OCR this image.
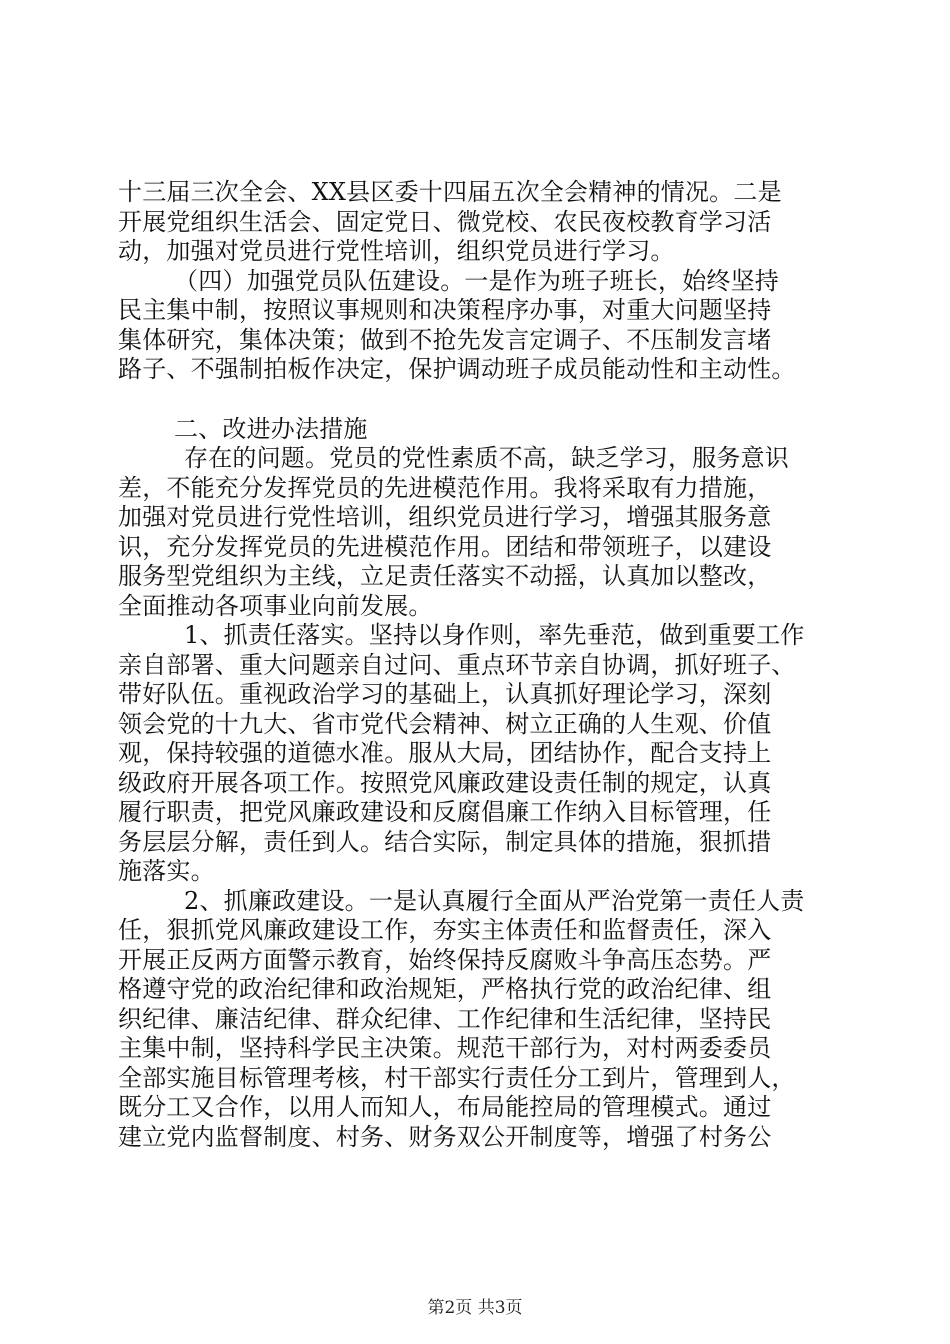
十三届三次全会、XX县区委十四届五次全会精神的情况。二是
开展党组织生活会、固定党日、微党校、农民夜校教育学习活
动，加强对党员进行党性培训，组织党员进行学习。
（四）加强党员队伍建设。一是作为班子班长，始终坚持
民主集中制，按照议事规则和决策程序办事，对重大问题坚持
集体研究，集体决策；做到不抢先发言定调子、不压制发言堵
路子、不强制拍板作决定，保护调动班子成员能动性和主动性。
二、改进办法措施
存在的问题。党员的党性素质不高，缺乏学习，服务意识
差，不能充分发挥党员的先进模范作用。我将采取有力措施，
加强对党员进行党性培训，组织党员进行学习，增强其服务意
识，充分发挥党员的先进模范作用。团结和带领班子，以建设
服务型党组织为主线，立足责任落实不动摇，认真加以整改，
全面推动各项事业向前发展。
1、抓责任落实。坚持以身作则，率先垂范，做到重要工作
亲自部署、重大问题亲自过问、重点环节亲自协调，抓好班子、
带好队伍。重视政治学习的基础上，认真抓好理论学习，深刻
领会党的十九大、省市党代会精神、树立正确的人生观、价值
观，保持较强的道德水准。服从大局，团结协作，配合支持上
级政府开展各项工作。按照党风廉政建设责任制的规定，认真
履行职责，把党风廉政建设和反腐倡廉工作纳入目标管理，任
务层层分解，责任到人。结合实际，制定具体的措施，狠抓措
施落实。
2、抓廉政建设。一是认真履行全面从严治党第一责任人责
任，狠抓党风廉政建设工作，夯实主体责任和监督责任，深入
开展正反两方面警示教育，始终保持反腐败斗争高压态势。严
格遵守党的政治纪律和政治规矩，严格执行党的政治纪律、组
织纪律、廉洁纪律、群众纪律、工作纪律和生活纪律，坚持民
主集中制，坚持科学民主决策。规范干部行为，对村两委委员
全部实施目标管理考核，村干部实行责任分工到片，管理到人，
既分工又合作，以用人而知人，布局能控局的管理模式。通过
建立党内监督制度、村务、财务双公开制度等，增强了村务公
第2页 共3页
